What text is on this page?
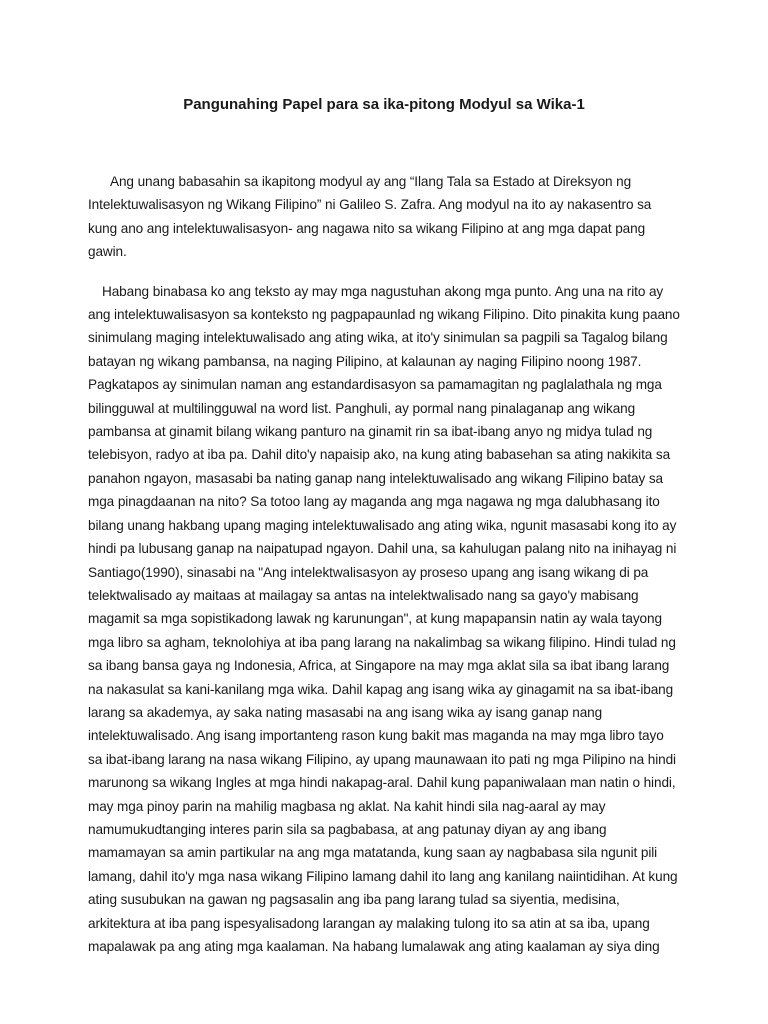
Pangunahing Papel para sa ika-pitong Modyul sa Wika-1

Ang unang babasahin sa ikapitong modyul ay ang “Ilang Tala sa Estado at Direksyon ng Intelektuwalisasyon ng Wikang Filipino” ni Galileo S. Zafra. Ang modyul na ito ay nakasentro sa kung ano ang intelektuwalisasyon- ang nagawa nito sa wikang Filipino at ang mga dapat pang gawin.

Habang binabasa ko ang teksto ay may mga nagustuhan akong mga punto. Ang una na rito ay ang intelektuwalisasyon sa konteksto ng pagpapaunlad ng wikang Filipino. Dito pinakita kung paano sinimulang maging intelektuwalisado ang ating wika, at ito'y sinimulan sa pagpili sa Tagalog bilang batayan ng wikang pambansa, na naging Pilipino, at kalaunan ay naging Filipino noong 1987. Pagkatapos ay sinimulan naman ang estandardisasyon sa pamamagitan ng paglalathala ng mga bilingguwal at multilingguwal na word list. Panghuli, ay pormal nang pinalaganap ang wikang pambansa at ginamit bilang wikang panturo na ginamit rin sa ibat-ibang anyo ng midya tulad ng telebisyon, radyo at iba pa. Dahil dito'y napaisip ako, na kung ating babasehan sa ating nakikita sa panahon ngayon, masasabi ba nating ganap nang intelektuwalisado ang wikang Filipino batay sa mga pinagdaanan na nito? Sa totoo lang ay maganda ang mga nagawa ng mga dalubhasang ito bilang unang hakbang upang maging intelektuwalisado ang ating wika, ngunit masasabi kong ito ay hindi pa lubusang ganap na naipatupad ngayon. Dahil una, sa kahulugan palang nito na inihayag ni Santiago(1990), sinasabi na "Ang intelektwalisasyon ay proseso upang ang isang wikang di pa telektwalisado ay maitaas at mailagay sa antas na intelektwalisado nang sa gayo'y mabisang magamit sa mga sopistikadong lawak ng karunungan", at kung mapapansin natin ay wala tayong mga libro sa agham, teknolohiya at iba pang larang na nakalimbag sa wikang filipino. Hindi tulad ng sa ibang bansa gaya ng Indonesia, Africa, at Singapore na may mga aklat sila sa ibat ibang larang na nakasulat sa kani-kanilang mga wika. Dahil kapag ang isang wika ay ginagamit na sa ibat-ibang larang sa akademya, ay saka nating masasabi na ang isang wika ay isang ganap nang intelektuwalisado. Ang isang importanteng rason kung bakit mas maganda na may mga libro tayo sa ibat-ibang larang na nasa wikang Filipino, ay upang maunawaan ito pati ng mga Pilipino na hindi marunong sa wikang Ingles at mga hindi nakapag-aral. Dahil kung papaniwalaan man natin o hindi, may mga pinoy parin na mahilig magbasa ng aklat. Na kahit hindi sila nag-aaral ay may namumukudtanging interes parin sila sa pagbabasa, at ang patunay diyan ay ang ibang mamamayan sa amin partikular na ang mga matatanda, kung saan ay nagbabasa sila ngunit pili lamang, dahil ito'y mga nasa wikang Filipino lamang dahil ito lang ang kanilang naiintidihan. At kung ating susubukan na gawan ng pagsasalin ang iba pang larang tulad sa siyentia, medisina, arkitektura at iba pang ispesyalisadong larangan ay malaking tulong ito sa atin at sa iba, upang mapalawak pa ang ating mga kaalaman. Na habang lumalawak ang ating kaalaman ay siya ding
